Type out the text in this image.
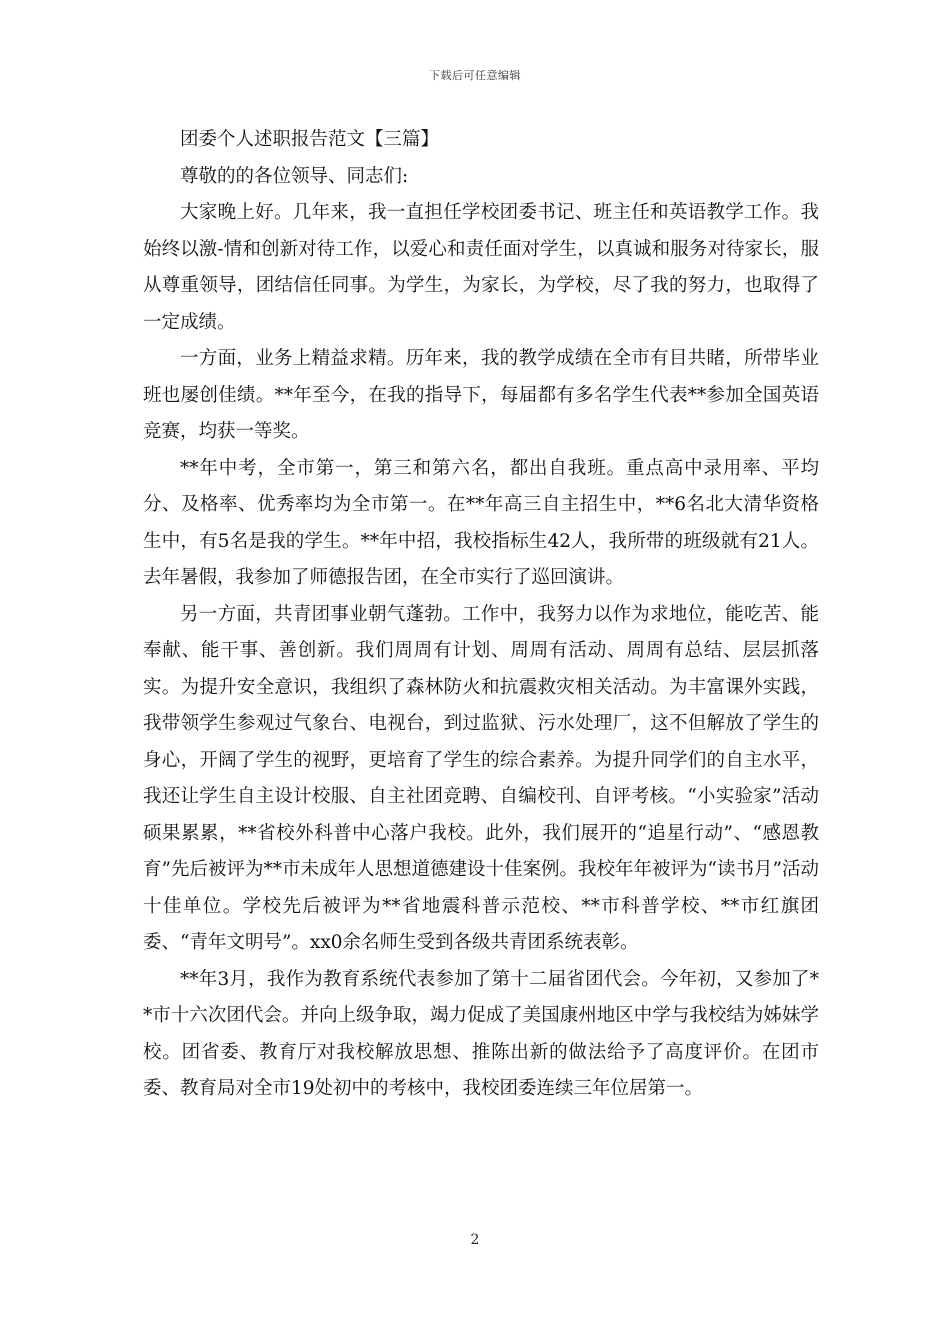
下载后可任意编辑

团委个人述职报告范文【三篇】

尊敬的的各位领导、同志们:

大家晚上好。几年来，我一直担任学校团委书记、班主任和英语教学工作。我始终以激-情和创新对待工作，以爱心和责任面对学生，以真诚和服务对待家长，服从尊重领导，团结信任同事。为学生，为家长，为学校，尽了我的努力，也取得了一定成绩。

一方面，业务上精益求精。历年来，我的教学成绩在全市有目共睹，所带毕业班也屡创佳绩。**年至今，在我的指导下，每届都有多名学生代表**参加全国英语竞赛，均获一等奖。

**年中考，全市第一，第三和第六名，都出自我班。重点高中录用率、平均分、及格率、优秀率均为全市第一。在**年高三自主招生中，**6名北大清华资格生中，有5名是我的学生。**年中招，我校指标生42人，我所带的班级就有21人。去年暑假，我参加了师德报告团，在全市实行了巡回演讲。

另一方面，共青团事业朝气蓬勃。工作中，我努力以作为求地位，能吃苦、能奉献、能干事、善创新。我们周周有计划、周周有活动、周周有总结、层层抓落实。为提升安全意识，我组织了森林防火和抗震救灾相关活动。为丰富课外实践，我带领学生参观过气象台、电视台，到过监狱、污水处理厂，这不但解放了学生的身心，开阔了学生的视野，更培育了学生的综合素养。为提升同学们的自主水平，我还让学生自主设计校服、自主社团竞聘、自编校刊、自评考核。“小实验家”活动硕果累累，**省校外科普中心落户我校。此外，我们展开的“追星行动”、“感恩教育”先后被评为**市未成年人思想道德建设十佳案例。我校年年被评为“读书月”活动十佳单位。学校先后被评为**省地震科普示范校、**市科普学校、**市红旗团委、“青年文明号”。xx0余名师生受到各级共青团系统表彰。

**年3月，我作为教育系统代表参加了第十二届省团代会。今年初，又参加了**市十六次团代会。并向上级争取，竭力促成了美国康州地区中学与我校结为姊妹学校。团省委、教育厅对我校解放思想、推陈出新的做法给予了高度评价。在团市委、教育局对全市19处初中的考核中，我校团委连续三年位居第一。

2
